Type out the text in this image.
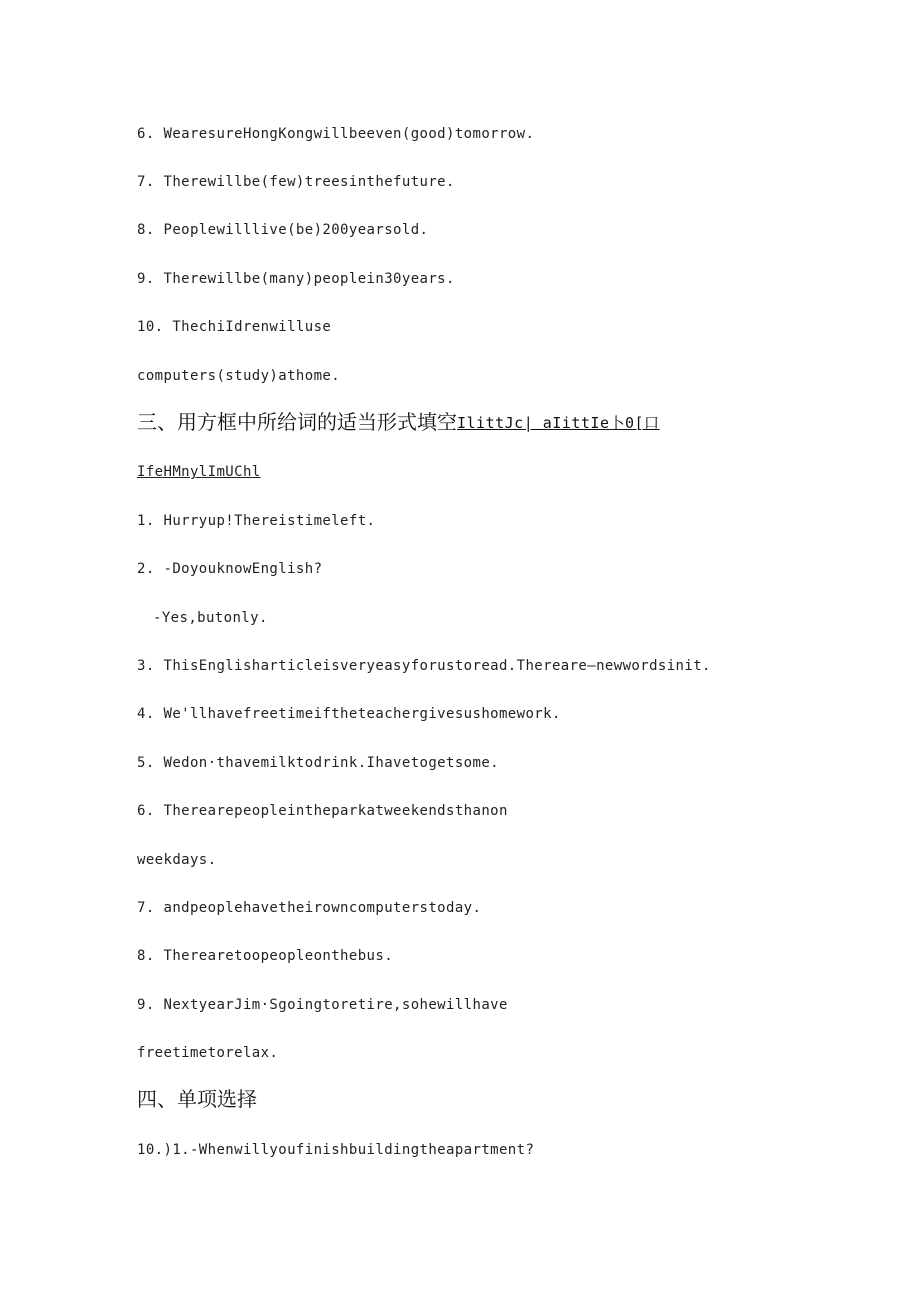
6. WearesureHongKongwillbeeven(good)tomorrow.
7. Therewillbe(few)treesinthefuture.
8. Peoplewilllive(be)200yearsold.
9. Therewillbe(many)peoplein30years.
10. ThechiIdrenwilluse
computers(study)athome.
三、用方框中所给词的适当形式填空IlittJc| aIittIe卜0[口
IfeHMnylImUChl
1. Hurryup!Thereistimeleft.
2. -DoyouknowEnglish?
-Yes,butonly.
3. ThisEnglisharticleisveryeasyforustoread.Thereare—newwordsinit.
4. We'llhavefreetimeiftheteachergivesushomework.
5. Wedon·thavemilktodrink.Ihavetogetsome.
6. Therearepeopleintheparkatweekendsthanon
weekdays.
7. andpeoplehavetheirowncomputerstoday.
8. Therearetoopeopleonthebus.
9. NextyearJim·Sgoingtoretire,sohewillhave
freetimetorelax.
四、单项选择
10.)1.-Whenwillyoufinishbuildingtheapartment?
